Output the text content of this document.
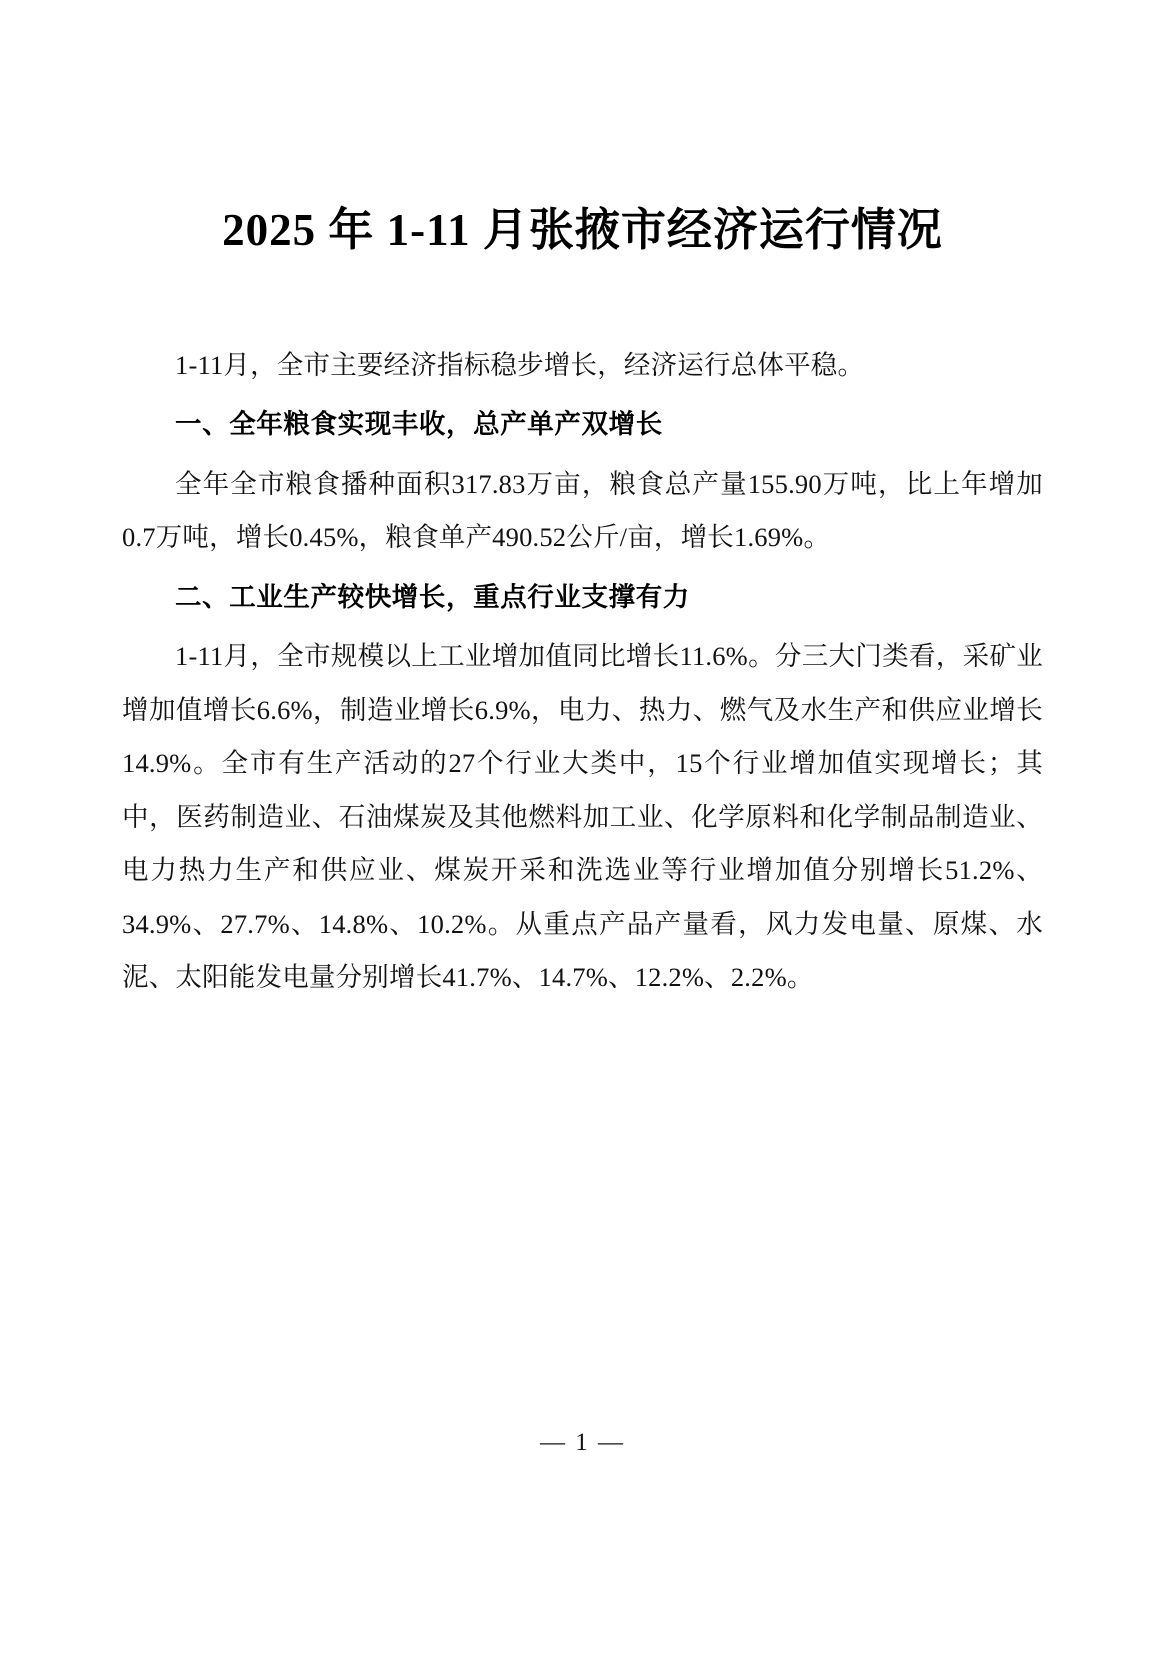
2025 年 1-11 月张掖市经济运行情况

1-11月，全市主要经济指标稳步增长，经济运行总体平稳。

一、全年粮食实现丰收，总产单产双增长

全年全市粮食播种面积317.83万亩，粮食总产量155.90万吨，比上年增加0.7万吨，增长0.45%，粮食单产490.52公斤/亩，增长1.69%。

二、工业生产较快增长，重点行业支撑有力

1-11月，全市规模以上工业增加值同比增长11.6%。分三大门类看，采矿业增加值增长6.6%，制造业增长6.9%，电力、热力、燃气及水生产和供应业增长14.9%。全市有生产活动的27个行业大类中，15个行业增加值实现增长；其中，医药制造业、石油煤炭及其他燃料加工业、化学原料和化学制品制造业、电力热力生产和供应业、煤炭开采和洗选业等行业增加值分别增长51.2%、34.9%、27.7%、14.8%、10.2%。从重点产品产量看，风力发电量、原煤、水泥、太阳能发电量分别增长41.7%、14.7%、12.2%、2.2%。

— 1 —
